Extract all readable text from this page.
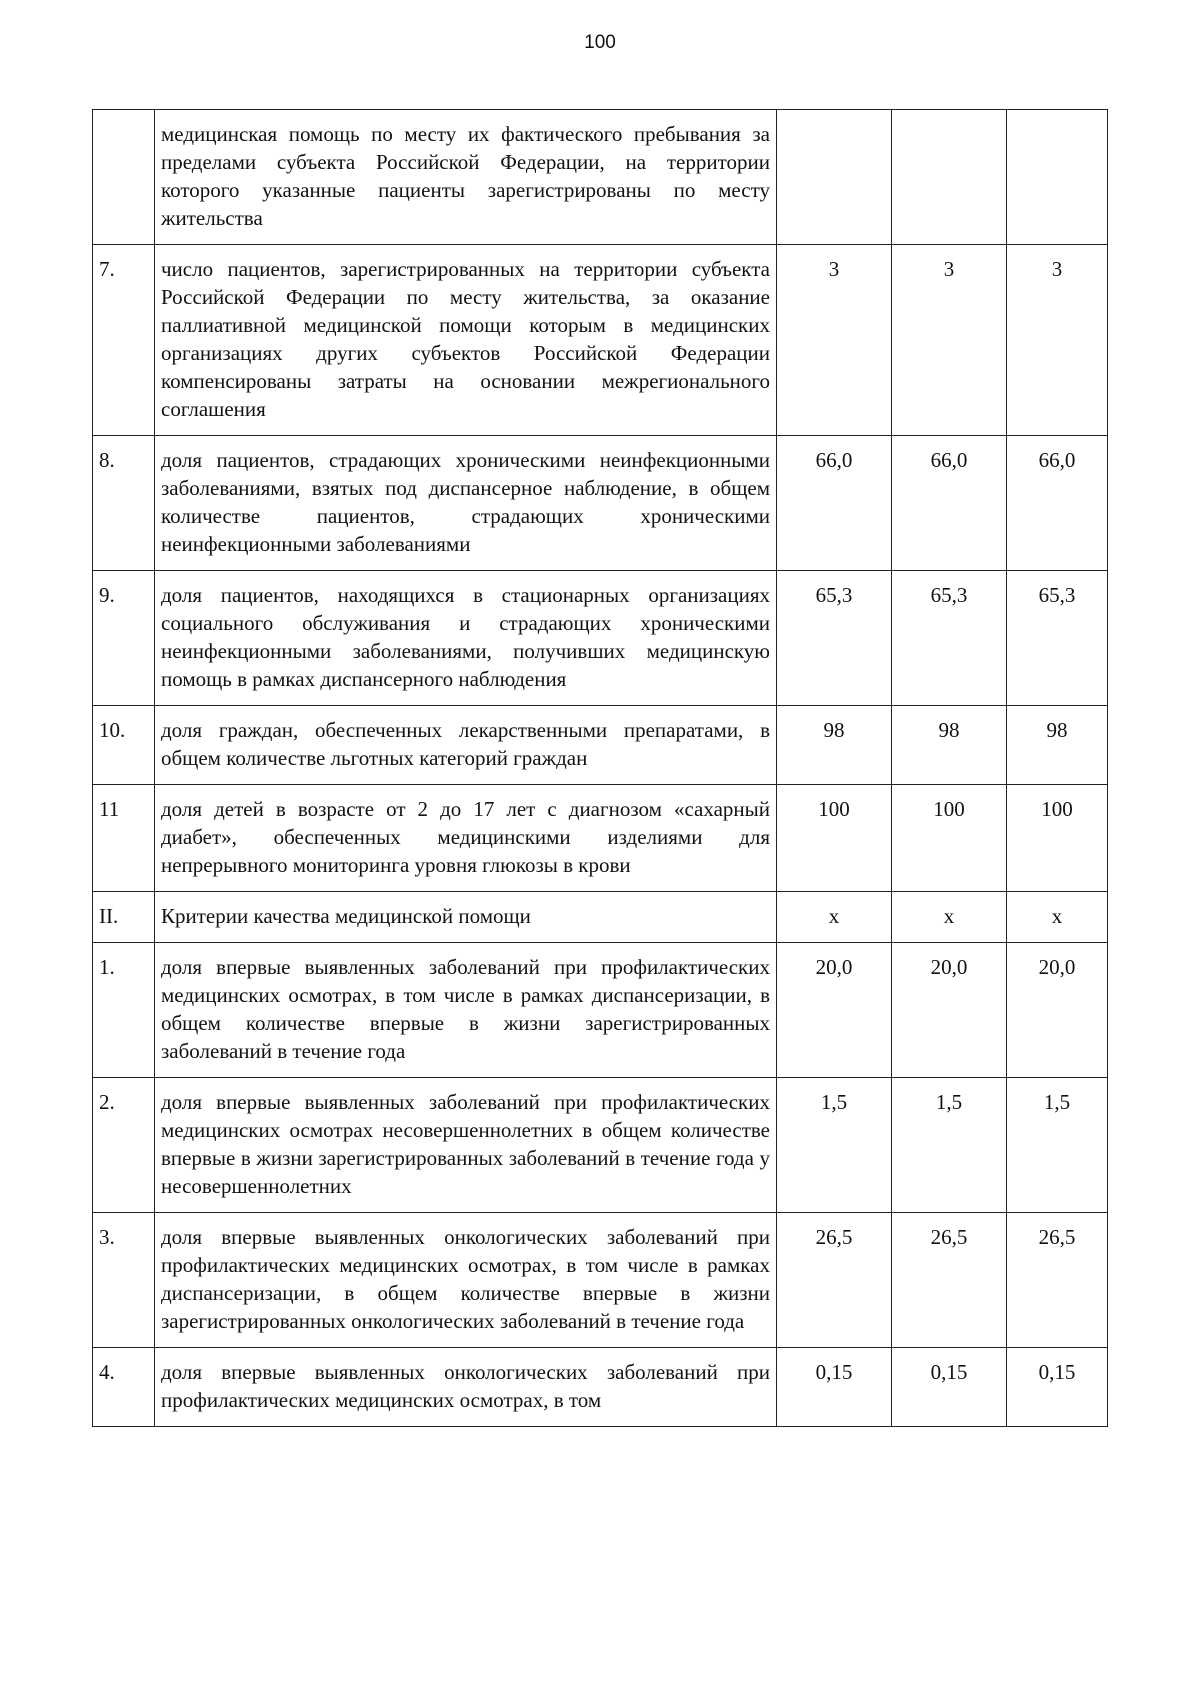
100
	медицинская помощь по месту их фактического пребывания за пределами субъекта Российской Федерации, на территории которого указанные пациенты зарегистрированы по месту жительства			
7.	число пациентов, зарегистрированных на территории субъекта Российской Федерации по месту жительства, за оказание паллиативной медицинской помощи которым в медицинских организациях других субъектов Российской Федерации компенсированы затраты на основании межрегионального соглашения	3	3	3
8.	доля пациентов, страдающих хроническими неинфекционными заболеваниями, взятых под диспансерное наблюдение, в общем количестве пациентов, страдающих хроническими неинфекционными заболеваниями	66,0	66,0	66,0
9.	доля пациентов, находящихся в стационарных организациях социального обслуживания и страдающих хроническими неинфекционными заболеваниями, получивших медицинскую помощь в рамках диспансерного наблюдения	65,3	65,3	65,3
10.	доля граждан, обеспеченных лекарственными препаратами, в общем количестве льготных категорий граждан	98	98	98
11	доля детей в возрасте от 2 до 17 лет с диагнозом «сахарный диабет», обеспеченных медицинскими изделиями для непрерывного мониторинга уровня глюкозы в крови	100	100	100
II.	Критерии качества медицинской помощи	х	х	х
1.	доля впервые выявленных заболеваний при профилактических медицинских осмотрах, в том числе в рамках диспансеризации, в общем количестве впервые в жизни зарегистрированных заболеваний в течение года	20,0	20,0	20,0
2.	доля впервые выявленных заболеваний при профилактических медицинских осмотрах несовершеннолетних в общем количестве впервые в жизни зарегистрированных заболеваний в течение года у несовершеннолетних	1,5	1,5	1,5
3.	доля впервые выявленных онкологических заболеваний при профилактических медицинских осмотрах, в том числе в рамках диспансеризации, в общем количестве впервые в жизни зарегистрированных онкологических заболеваний в течение года	26,5	26,5	26,5
4.	доля впервые выявленных онкологических заболеваний при профилактических медицинских осмотрах, в том	0,15	0,15	0,15
